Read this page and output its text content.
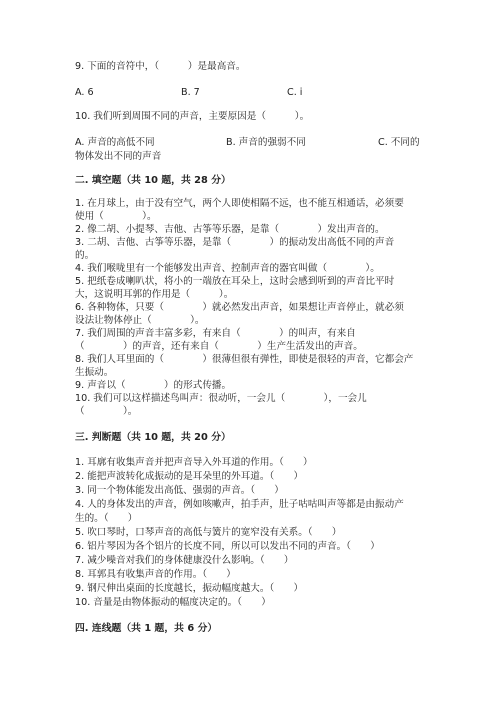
9. 下面的音符中，（　　　）是最高音。
A. 6	B. 7	C. i
10. 我们听到周围不同的声音，主要原因是（　　　）。
A. 声音的高低不同	B. 声音的强弱不同	C. 不同的
物体发出不同的声音
二. 填空题（共 10 题，共 28 分）
1. 在月球上，由于没有空气，两个人即使相隔不远，也不能互相通话，必须要
使用（　　　　）。
2. 像二胡、小提琴、吉他、古筝等乐器，是靠（　　　　）发出声音的。
3. 二胡、吉他、古筝等乐器，是靠（　　　　）的振动发出高低不同的声音
的。
4. 我们喉咙里有一个能够发出声音、控制声音的器官叫做（　　　　）。
5. 把纸卷成喇叭状，将小的一端放在耳朵上，这时会感到听到的声音比平时
大，这说明耳郭的作用是（　　　）。
6. 各种物体，只要（　　　　）就必然发出声音，如果想让声音停止，就必须
设法让物体停止（　　　　）。
7. 我们周围的声音丰富多彩，有来自（　　　　）的叫声，有来自
（　　　　）的声音，还有来自（　　　　）生产生活发出的声音。
8. 我们人耳里面的（　　　　）很薄但很有弹性，即使是很轻的声音，它都会产
生振动。
9. 声音以（　　　　）的形式传播。
10. 我们可以这样描述鸟叫声：很动听，一会儿（　　　　），一会儿
（　　　　）。
三. 判断题（共 10 题，共 20 分）
1. 耳廓有收集声音并把声音导入外耳道的作用。（　　）
2. 能把声波转化成振动的是耳朵里的外耳道。（　　）
3. 同一个物体能发出高低、强弱的声音。（　　）
4. 人的身体发出的声音，例如咳嗽声，拍手声，肚子咕咕叫声等都是由振动产
生的。（　　）
5. 吹口琴时，口琴声音的高低与簧片的宽窄没有关系。（　　）
6. 铝片琴因为各个铝片的长度不同，所以可以发出不同的声音。（　　）
7. 减少噪音对我们的身体健康没什么影响。（　　）
8. 耳郭具有收集声音的作用。（　　）
9. 钢尺伸出桌面的长度越长，振动幅度越大。（　　）
10. 音量是由物体振动的幅度决定的。（　　）
四. 连线题（共 1 题，共 6 分）
